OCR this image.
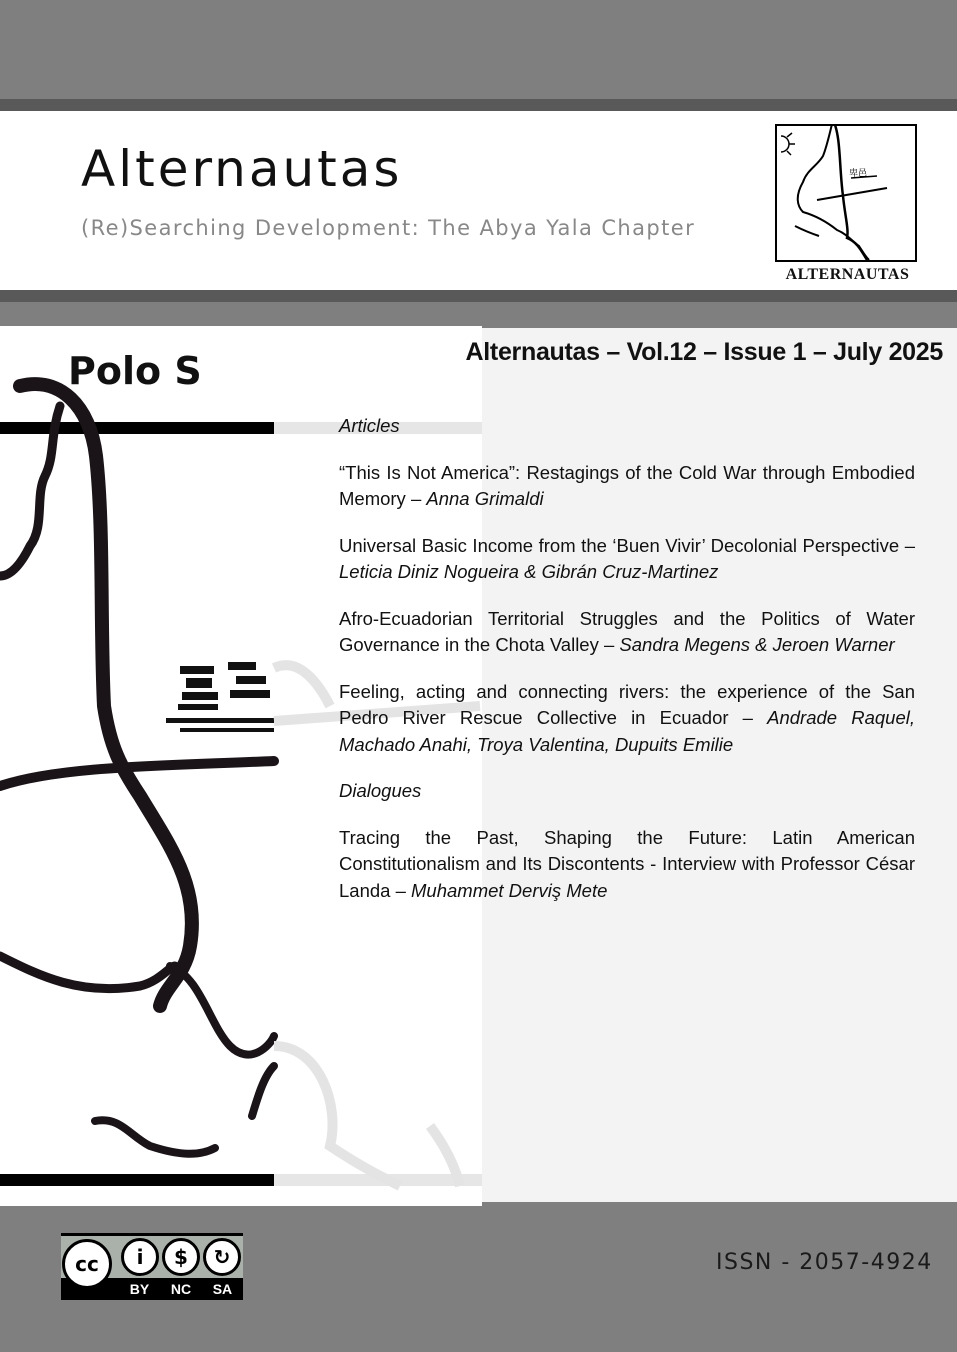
Alternautas
(Re)Searching Development: The Abya Yala Chapter
卑邑
ALTERNAUTAS
Polo S	Alternautas – Vol.12 – Issue 1 – July 2025
Articles
“This Is Not America”: Restagings of the Cold War through Embodied Memory – Anna Grimaldi
Universal Basic Income from the ‘Buen Vivir’ Decolonial Perspective – Leticia Diniz Nogueira & Gibrán Cruz-Martinez
Afro-Ecuadorian Territorial Struggles and the Politics of Water Governance in the Chota Valley – Sandra Megens & Jeroen Warner
Feeling, acting and connecting rivers: the experience of the San Pedro River Rescue Collective in Ecuador – Andrade Raquel, Machado Anahi, Troya Valentina, Dupuits Emilie
Dialogues
Tracing the Past, Shaping the Future: Latin American Constitutionalism and Its Discontents - Interview with Professor César Landa – Muhammet Derviş Mete
cc	i	$	↻
BY NC SA
ISSN - 2057-4924
